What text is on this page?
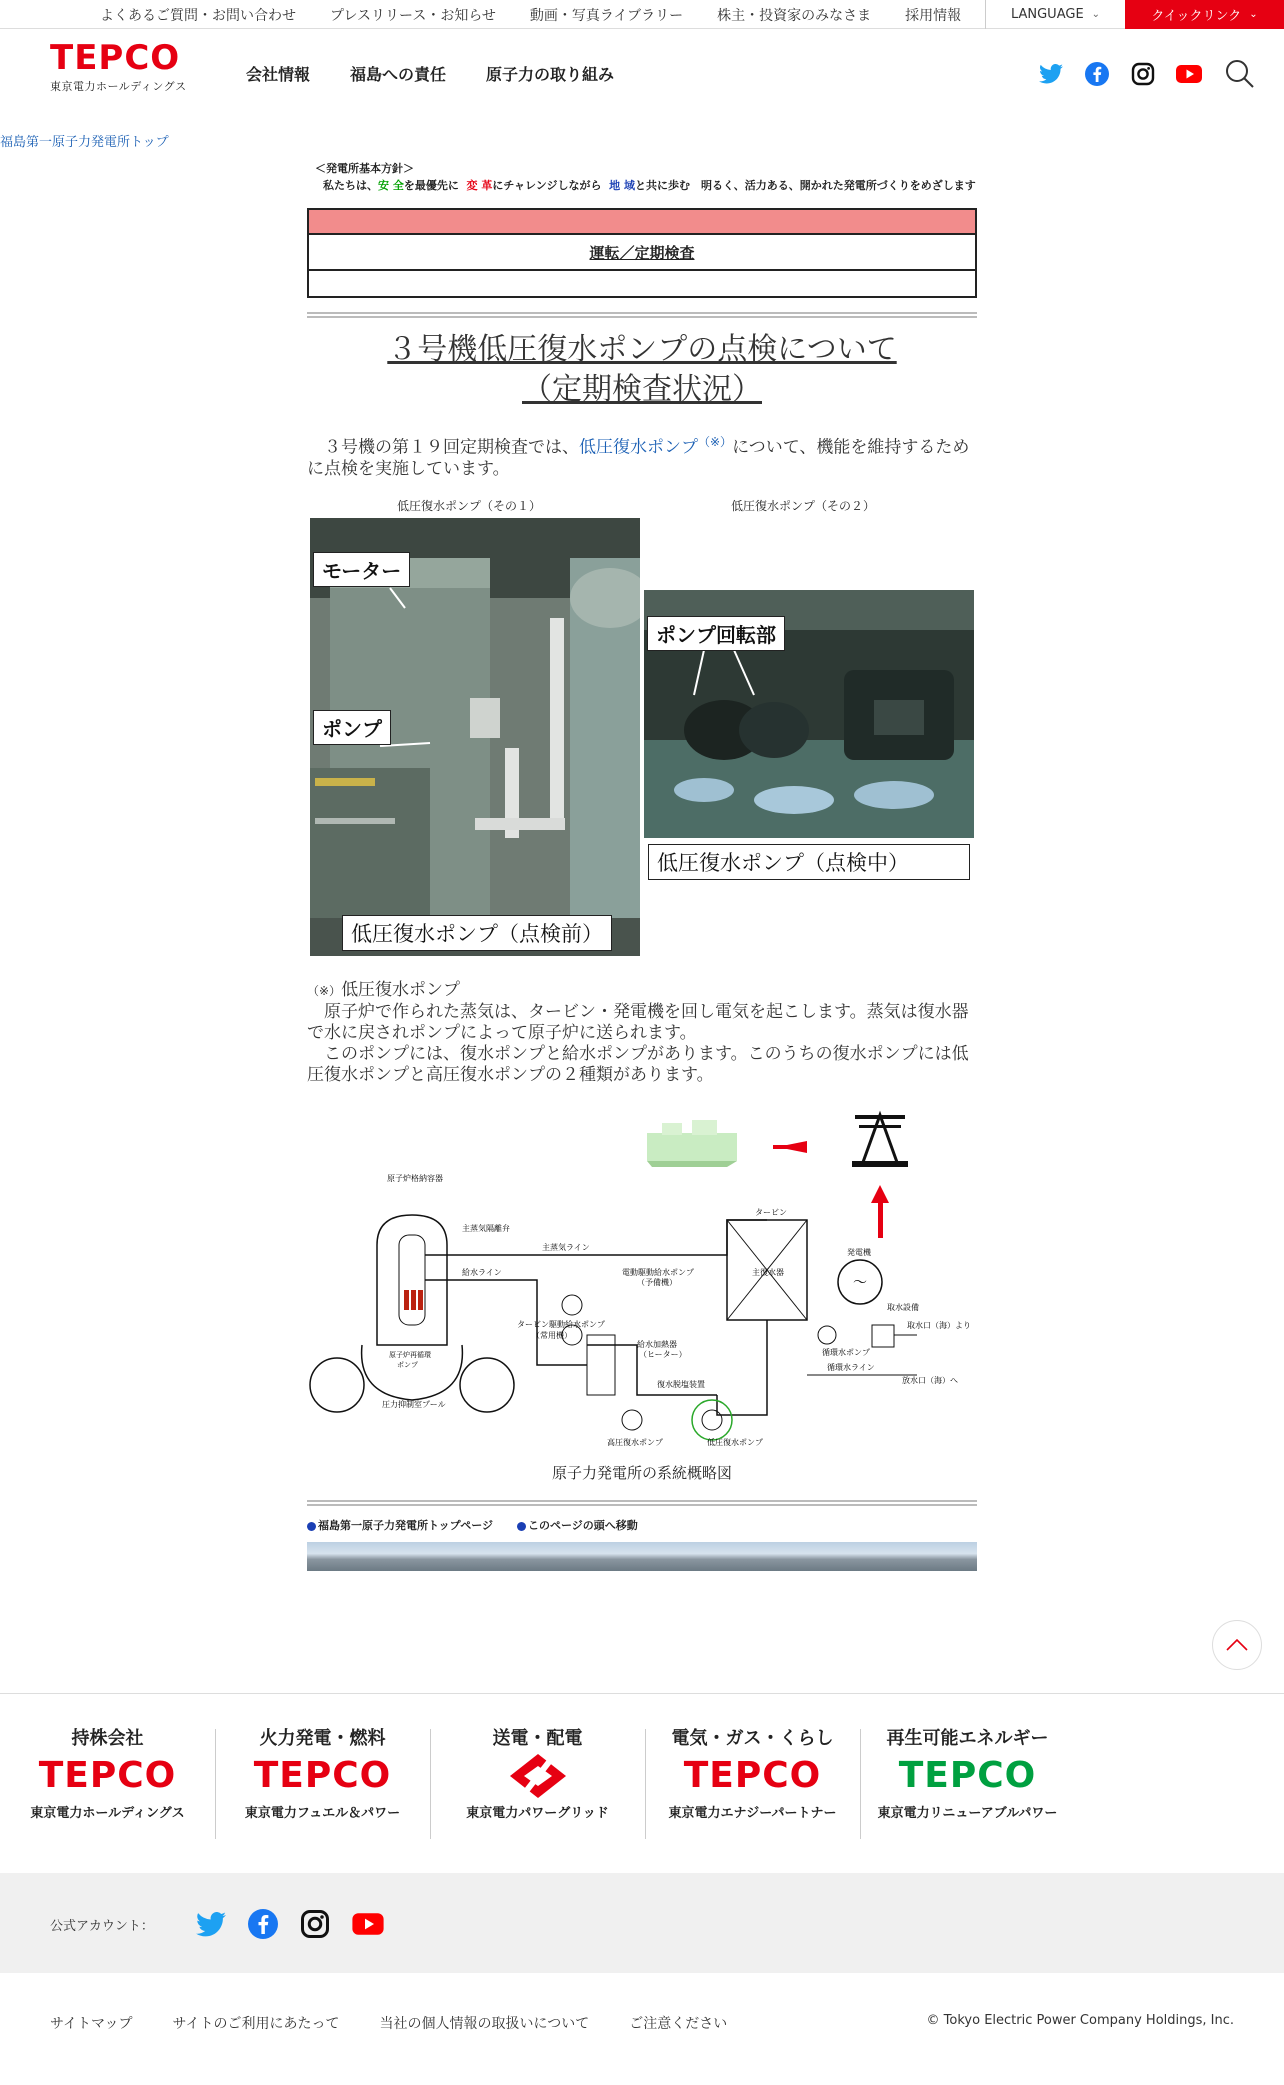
よくあるご質問・お問い合わせ プレスリリース・お知らせ 動画・写真ライブラリー 株主・投資家のみなさま 採用情報	LANGUAGE ⌄	クイックリンク ⌄
TEPCO
東京電力ホールディングス
会社情報	福島への責任	原子力の取り組み
福島第一原子力発電所トップ
＜発電所基本方針＞
私たちは、安 全を最優先に 変 革にチャレンジしながら 地 域と共に歩む　明るく、活力ある、開かれた発電所づくりをめざします
運転／定期検査
３号機低圧復水ポンプの点検について
（定期検査状況）
　３号機の第１９回定期検査では、低圧復水ポンプ（※）について、機能を維持するために点検を実施しています。
低圧復水ポンプ（その１）
モーター
ポンプ
低圧復水ポンプ（点検前）
低圧復水ポンプ（その２）
ポンプ回転部
低圧復水ポンプ（点検中）
（※）低圧復水ポンプ
　原子炉で作られた蒸気は、タービン・発電機を回し電気を起こします。蒸気は復水器で水に戻されポンプによって原子炉に送られます。
　このポンプには、復水ポンプと給水ポンプがあります。このうちの復水ポンプには低圧復水ポンプと高圧復水ポンプの２種類があります。
～
原子炉格納容器
主蒸気隔離弁
主蒸気ライン
給水ライン	電動駆動給水ポンプ
（予備機）
タービン駆動給水ポンプ
（常用機）
給水加熱器
（ヒーター）
復水脱塩装置
高圧復水ポンプ	低圧復水ポンプ
タービン
主復水器
発電機
取水設備
取水口（海）より
循環水ポンプ
循環水ライン
放水口（海）へ
原子炉再循環
ポンプ
圧力抑制室プール
原子力発電所の系統概略図
福島第一原子力発電所トップページ	このページの頭へ移動
持株会社
TEPCO
東京電力ホールディングス
火力発電・燃料
TEPCO
東京電力フュエル＆パワー
送電・配電
東京電力パワーグリッド
電気・ガス・くらし
TEPCO
東京電力エナジーパートナー
再生可能エネルギー
TEPCO
東京電力リニューアブルパワー
公式アカウント：
サイトマップ	サイトのご利用にあたって	当社の個人情報の取扱いについて	ご注意ください	© Tokyo Electric Power Company Holdings, Inc.
